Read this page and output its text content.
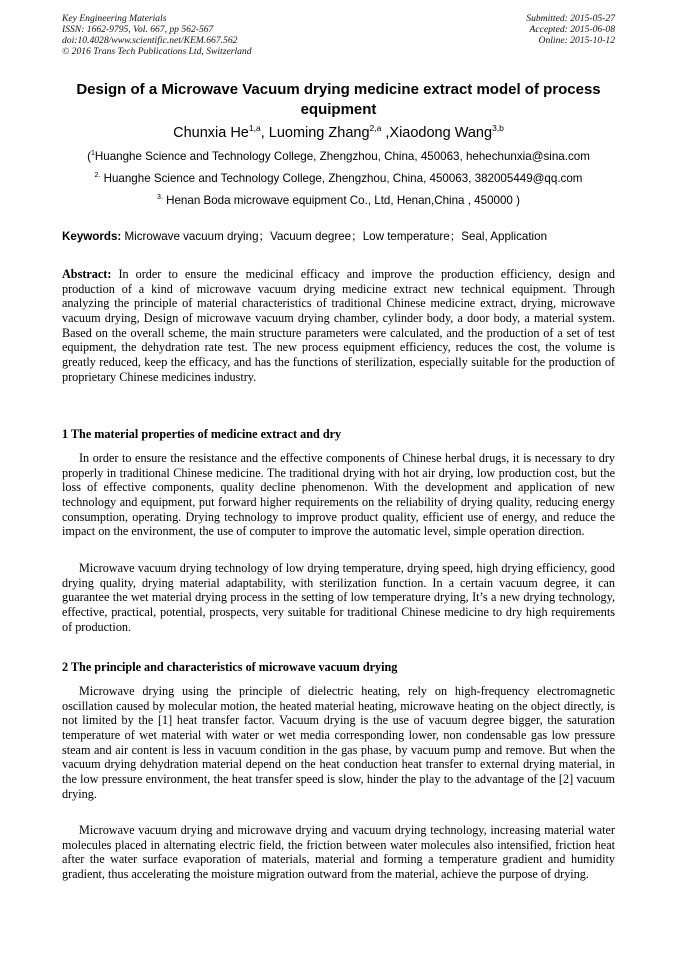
Key Engineering Materials
ISSN: 1662-9795, Vol. 667, pp 562-567
doi:10.4028/www.scientific.net/KEM.667.562
© 2016 Trans Tech Publications Ltd, Switzerland
Submitted: 2015-05-27
Accepted: 2015-06-08
Online: 2015-10-12
Design of a Microwave Vacuum drying medicine extract model of process equipment
Chunxia He$^{1,a}$, Luoming Zhang$^{2,a}$ ,Xiaodong Wang$^{3,b}$
($^1$Huanghe Science and Technology College, Zhengzhou, China, 450063, hehechunxia@sina.com
$^{2.}$ Huanghe Science and Technology College, Zhengzhou, China, 450063, 382005449@qq.com
$^{3.}$ Henan Boda microwave equipment Co., Ltd, Henan,China , 450000 )
Keywords: Microwave vacuum drying；Vacuum degree；Low temperature；Seal, Application
Abstract: In order to ensure the medicinal efficacy and improve the production efficiency, design and production of a kind of microwave vacuum drying medicine extract new technical equipment. Through analyzing the principle of material characteristics of traditional Chinese medicine extract, drying, microwave vacuum drying, Design of microwave vacuum drying chamber, cylinder body, a door body, a material system. Based on the overall scheme, the main structure parameters were calculated, and the production of a set of test equipment, the dehydration rate test. The new process equipment efficiency, reduces the cost, the volume is greatly reduced, keep the efficacy, and has the functions of sterilization, especially suitable for the production of proprietary Chinese medicines industry.
1 The material properties of medicine extract and dry
In order to ensure the resistance and the effective components of Chinese herbal drugs, it is necessary to dry properly in traditional Chinese medicine. The traditional drying with hot air drying, low production cost, but the loss of effective components, quality decline phenomenon. With the development and application of new technology and equipment, put forward higher requirements on the reliability of drying quality, reducing energy consumption, operating. Drying technology to improve product quality, efficient use of energy, and reduce the impact on the environment, the use of computer to improve the automatic level, simple operation direction.
Microwave vacuum drying technology of low drying temperature, drying speed, high drying efficiency, good drying quality, drying material adaptability, with sterilization function. In a certain vacuum degree, it can guarantee the wet material drying process in the setting of low temperature drying, It’s a new drying technology, effective, practical, potential, prospects, very suitable for traditional Chinese medicine to dry high requirements of production.
2 The principle and characteristics of microwave vacuum drying
Microwave drying using the principle of dielectric heating, rely on high-frequency electromagnetic oscillation caused by molecular motion, the heated material heating, microwave heating on the object directly, is not limited by the [1] heat transfer factor. Vacuum drying is the use of vacuum degree bigger, the saturation temperature of wet material with water or wet media corresponding lower, non condensable gas low pressure steam and air content is less in vacuum condition in the gas phase, by vacuum pump and remove. But when the vacuum drying dehydration material depend on the heat conduction heat transfer to external drying material, in the low pressure environment, the heat transfer speed is slow, hinder the play to the advantage of the [2] vacuum drying.
Microwave vacuum drying and microwave drying and vacuum drying technology, increasing material water molecules placed in alternating electric field, the friction between water molecules also intensified, friction heat after the water surface evaporation of materials, material and forming a temperature gradient and humidity gradient, thus accelerating the moisture migration outward from the material, achieve the purpose of drying.
